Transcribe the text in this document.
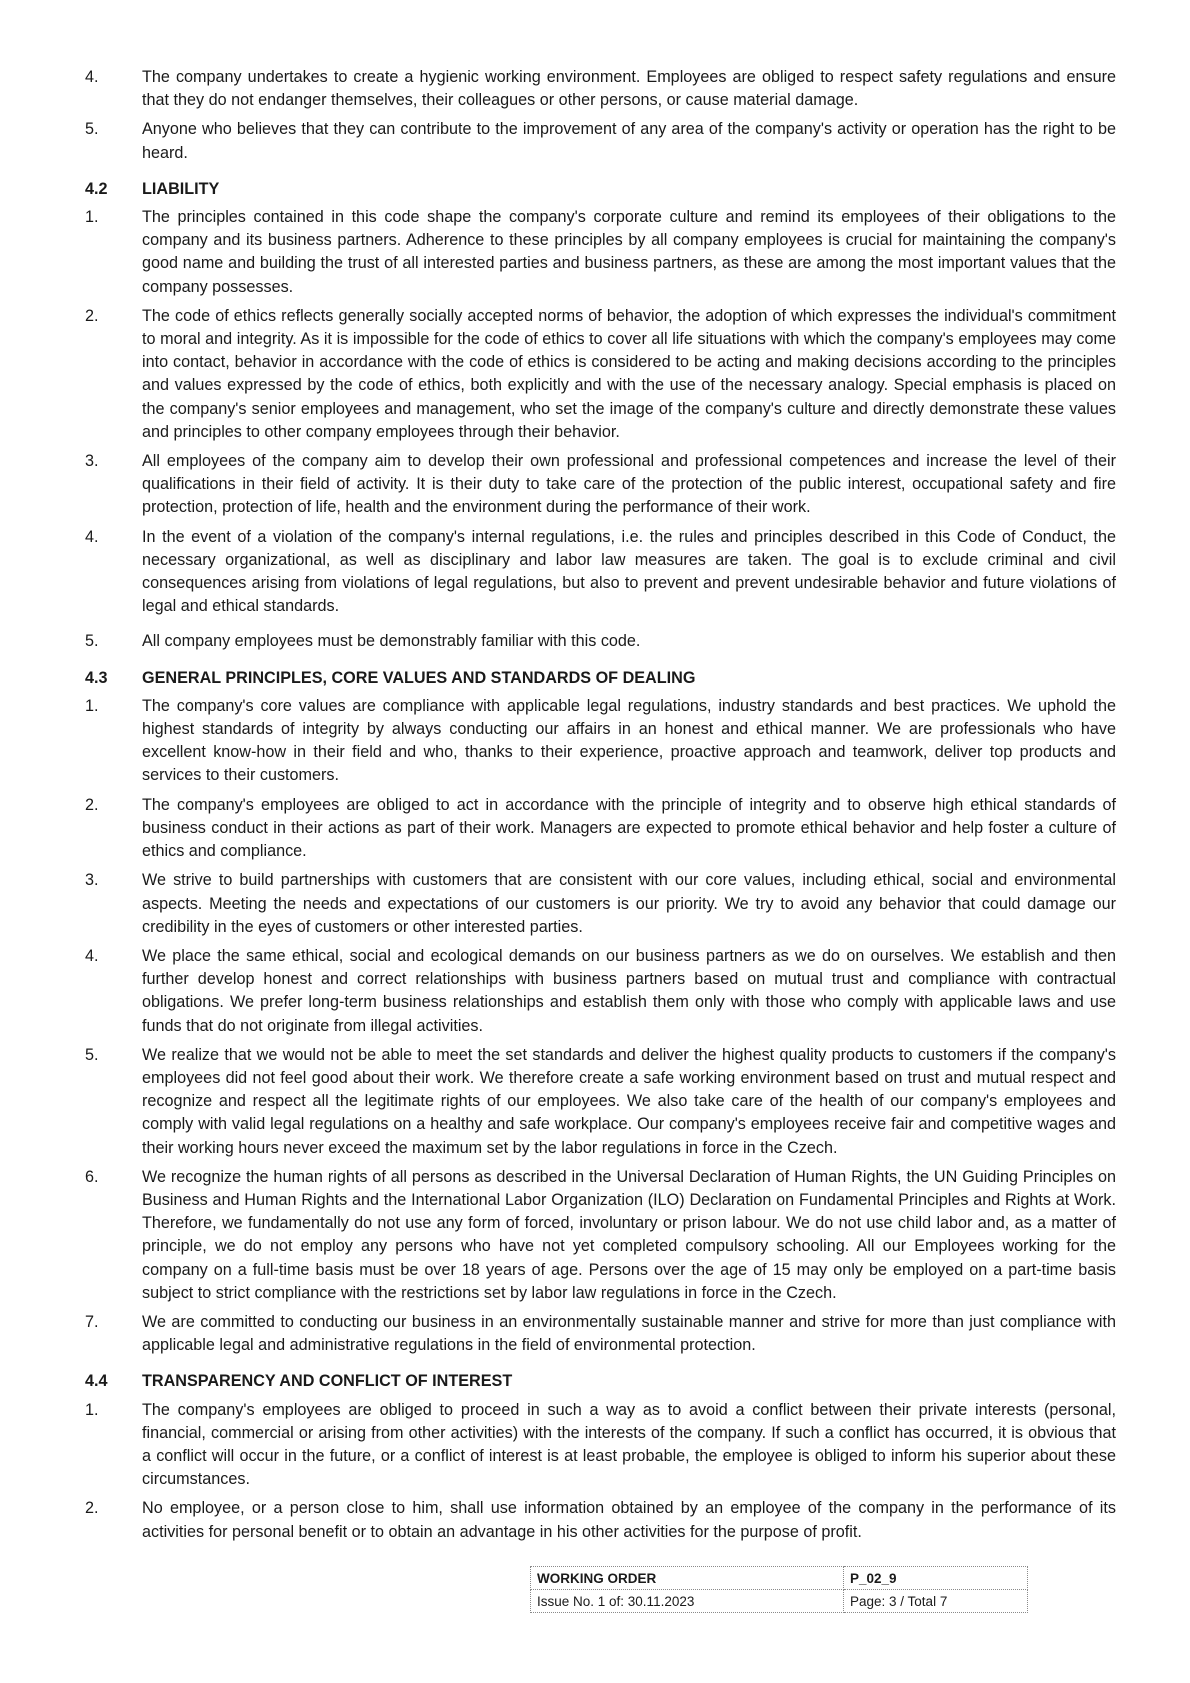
4.	The company undertakes to create a hygienic working environment. Employees are obliged to respect safety regulations and ensure that they do not endanger themselves, their colleagues or other persons, or cause material damage.
5.	Anyone who believes that they can contribute to the improvement of any area of the company's activity or operation has the right to be heard.
4.2	LIABILITY
1.	The principles contained in this code shape the company's corporate culture and remind its employees of their obligations to the company and its business partners. Adherence to these principles by all company employees is crucial for maintaining the company's good name and building the trust of all interested parties and business partners, as these are among the most important values that the company possesses.
2.	The code of ethics reflects generally socially accepted norms of behavior, the adoption of which expresses the individual's commitment to moral and integrity. As it is impossible for the code of ethics to cover all life situations with which the company's employees may come into contact, behavior in accordance with the code of ethics is considered to be acting and making decisions according to the principles and values expressed by the code of ethics, both explicitly and with the use of the necessary analogy. Special emphasis is placed on the company's senior employees and management, who set the image of the company's culture and directly demonstrate these values and principles to other company employees through their behavior.
3.	All employees of the company aim to develop their own professional and professional competences and increase the level of their qualifications in their field of activity. It is their duty to take care of the protection of the public interest, occupational safety and fire protection, protection of life, health and the environment during the performance of their work.
4.	In the event of a violation of the company's internal regulations, i.e. the rules and principles described in this Code of Conduct, the necessary organizational, as well as disciplinary and labor law measures are taken. The goal is to exclude criminal and civil consequences arising from violations of legal regulations, but also to prevent and prevent undesirable behavior and future violations of legal and ethical standards.
5.	All company employees must be demonstrably familiar with this code.
4.3	GENERAL PRINCIPLES, CORE VALUES AND STANDARDS OF DEALING
1.	The company's core values are compliance with applicable legal regulations, industry standards and best practices. We uphold the highest standards of integrity by always conducting our affairs in an honest and ethical manner. We are professionals who have excellent know-how in their field and who, thanks to their experience, proactive approach and teamwork, deliver top products and services to their customers.
2.	The company's employees are obliged to act in accordance with the principle of integrity and to observe high ethical standards of business conduct in their actions as part of their work. Managers are expected to promote ethical behavior and help foster a culture of ethics and compliance.
3.	We strive to build partnerships with customers that are consistent with our core values, including ethical, social and environmental aspects. Meeting the needs and expectations of our customers is our priority. We try to avoid any behavior that could damage our credibility in the eyes of customers or other interested parties.
4.	We place the same ethical, social and ecological demands on our business partners as we do on ourselves. We establish and then further develop honest and correct relationships with business partners based on mutual trust and compliance with contractual obligations. We prefer long-term business relationships and establish them only with those who comply with applicable laws and use funds that do not originate from illegal activities.
5.	We realize that we would not be able to meet the set standards and deliver the highest quality products to customers if the company's employees did not feel good about their work. We therefore create a safe working environment based on trust and mutual respect and recognize and respect all the legitimate rights of our employees. We also take care of the health of our company's employees and comply with valid legal regulations on a healthy and safe workplace. Our company's employees receive fair and competitive wages and their working hours never exceed the maximum set by the labor regulations in force in the Czech.
6.	We recognize the human rights of all persons as described in the Universal Declaration of Human Rights, the UN Guiding Principles on Business and Human Rights and the International Labor Organization (ILO) Declaration on Fundamental Principles and Rights at Work. Therefore, we fundamentally do not use any form of forced, involuntary or prison labour. We do not use child labor and, as a matter of principle, we do not employ any persons who have not yet completed compulsory schooling. All our Employees working for the company on a full-time basis must be over 18 years of age. Persons over the age of 15 may only be employed on a part-time basis subject to strict compliance with the restrictions set by labor law regulations in force in the Czech.
7.	We are committed to conducting our business in an environmentally sustainable manner and strive for more than just compliance with applicable legal and administrative regulations in the field of environmental protection.
4.4	TRANSPARENCY AND CONFLICT OF INTEREST
1.	The company's employees are obliged to proceed in such a way as to avoid a conflict between their private interests (personal, financial, commercial or arising from other activities) with the interests of the company. If such a conflict has occurred, it is obvious that a conflict will occur in the future, or a conflict of interest is at least probable, the employee is obliged to inform his superior about these circumstances.
2.	No employee, or a person close to him, shall use information obtained by an employee of the company in the performance of its activities for personal benefit or to obtain an advantage in his other activities for the purpose of profit.
WORKING ORDER	P_02_9
Issue No. 1 of: 30.11.2023	Page: 3 / Total 7
